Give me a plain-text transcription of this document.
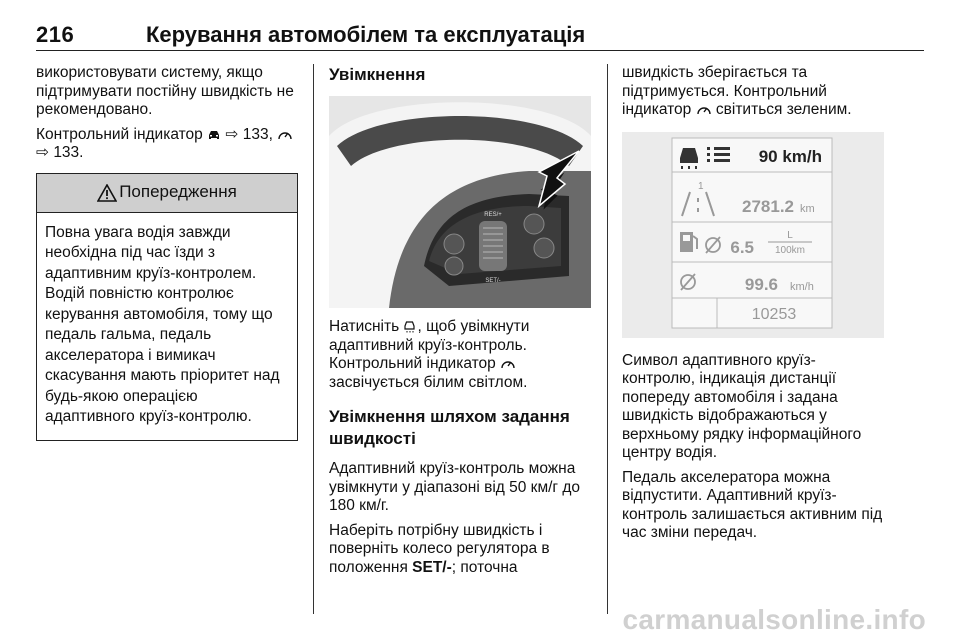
216	Керування автомобілем та експлуатація

використовувати систему, якщо підтримувати постійну швидкість не рекомендовано.

Контрольний індикатор ⇨ 133,
⇨ 133.

Попередження
Повна увага водія завжди необхідна під час їзди з адаптивним круїз-контролем. Водій повністю контролює керування автомобіля, тому що педаль гальма, педаль акселератора і вимикач скасування мають пріоритет над будь-якою операцією адаптивного круїз-контролю.
Увімкнення
RES/+
SET/-

Натисніть , щоб увімкнути адаптивний круїз-контроль. Контрольний індикатор  засвічується білим світлом.

Увімкнення шляхом задання швидкості

Адаптивний круїз-контроль можна увімкнути у діапазоні від 50 км/г до 180 км/г.

Наберіть потрібну швидкість і поверніть колесо регулятора в положення SET/-; поточна

швидкість зберігається та підтримується. Контрольний індикатор світиться зеленим.

90 km/h
1
2781.2 km
6.5
L
100km
99.6 km/h
10253

Символ адаптивного круїз-контролю, індикація дистанції попереду автомобіля і задана швидкість відображаються у верхньому рядку інформаційного центру водія.

Педаль акселератора можна відпустити. Адаптивний круїз-контроль залишається активним під час зміни передач.

carmanualsonline.info
